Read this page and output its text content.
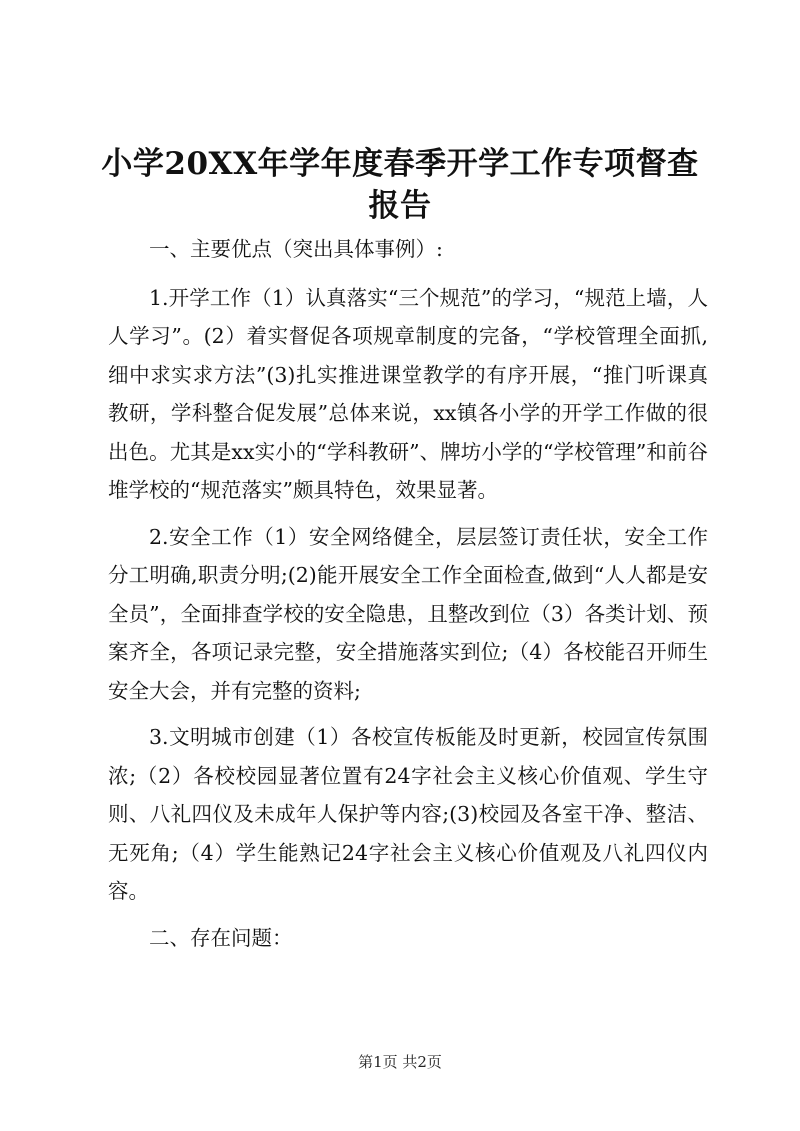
小学20XX年学年度春季开学工作专项督查报告

一、主要优点（突出具体事例）:

1.开学工作（1）认真落实“三个规范”的学习，“规范上墙，人人学习”。(2）着实督促各项规章制度的完备，“学校管理全面抓,细中求实求方法”(3)扎实推进课堂教学的有序开展，“推门听课真教研，学科整合促发展”总体来说，xx镇各小学的开学工作做的很出色。尤其是xx实小的“学科教研”、牌坊小学的“学校管理”和前谷堆学校的“规范落实”颇具特色，效果显著。

2.安全工作（1）安全网络健全，层层签订责任状，安全工作分工明确,职责分明;(2)能开展安全工作全面检查,做到“人人都是安全员”，全面排查学校的安全隐患，且整改到位（3）各类计划、预案齐全，各项记录完整，安全措施落实到位;（4）各校能召开师生安全大会，并有完整的资料;

3.文明城市创建（1）各校宣传板能及时更新，校园宣传氛围浓;（2）各校校园显著位置有24字社会主义核心价值观、学生守则、八礼四仪及未成年人保护等内容;(3)校园及各室干净、整洁、无死角;（4）学生能熟记24字社会主义核心价值观及八礼四仪内容。

二、存在问题：

第1页 共2页
